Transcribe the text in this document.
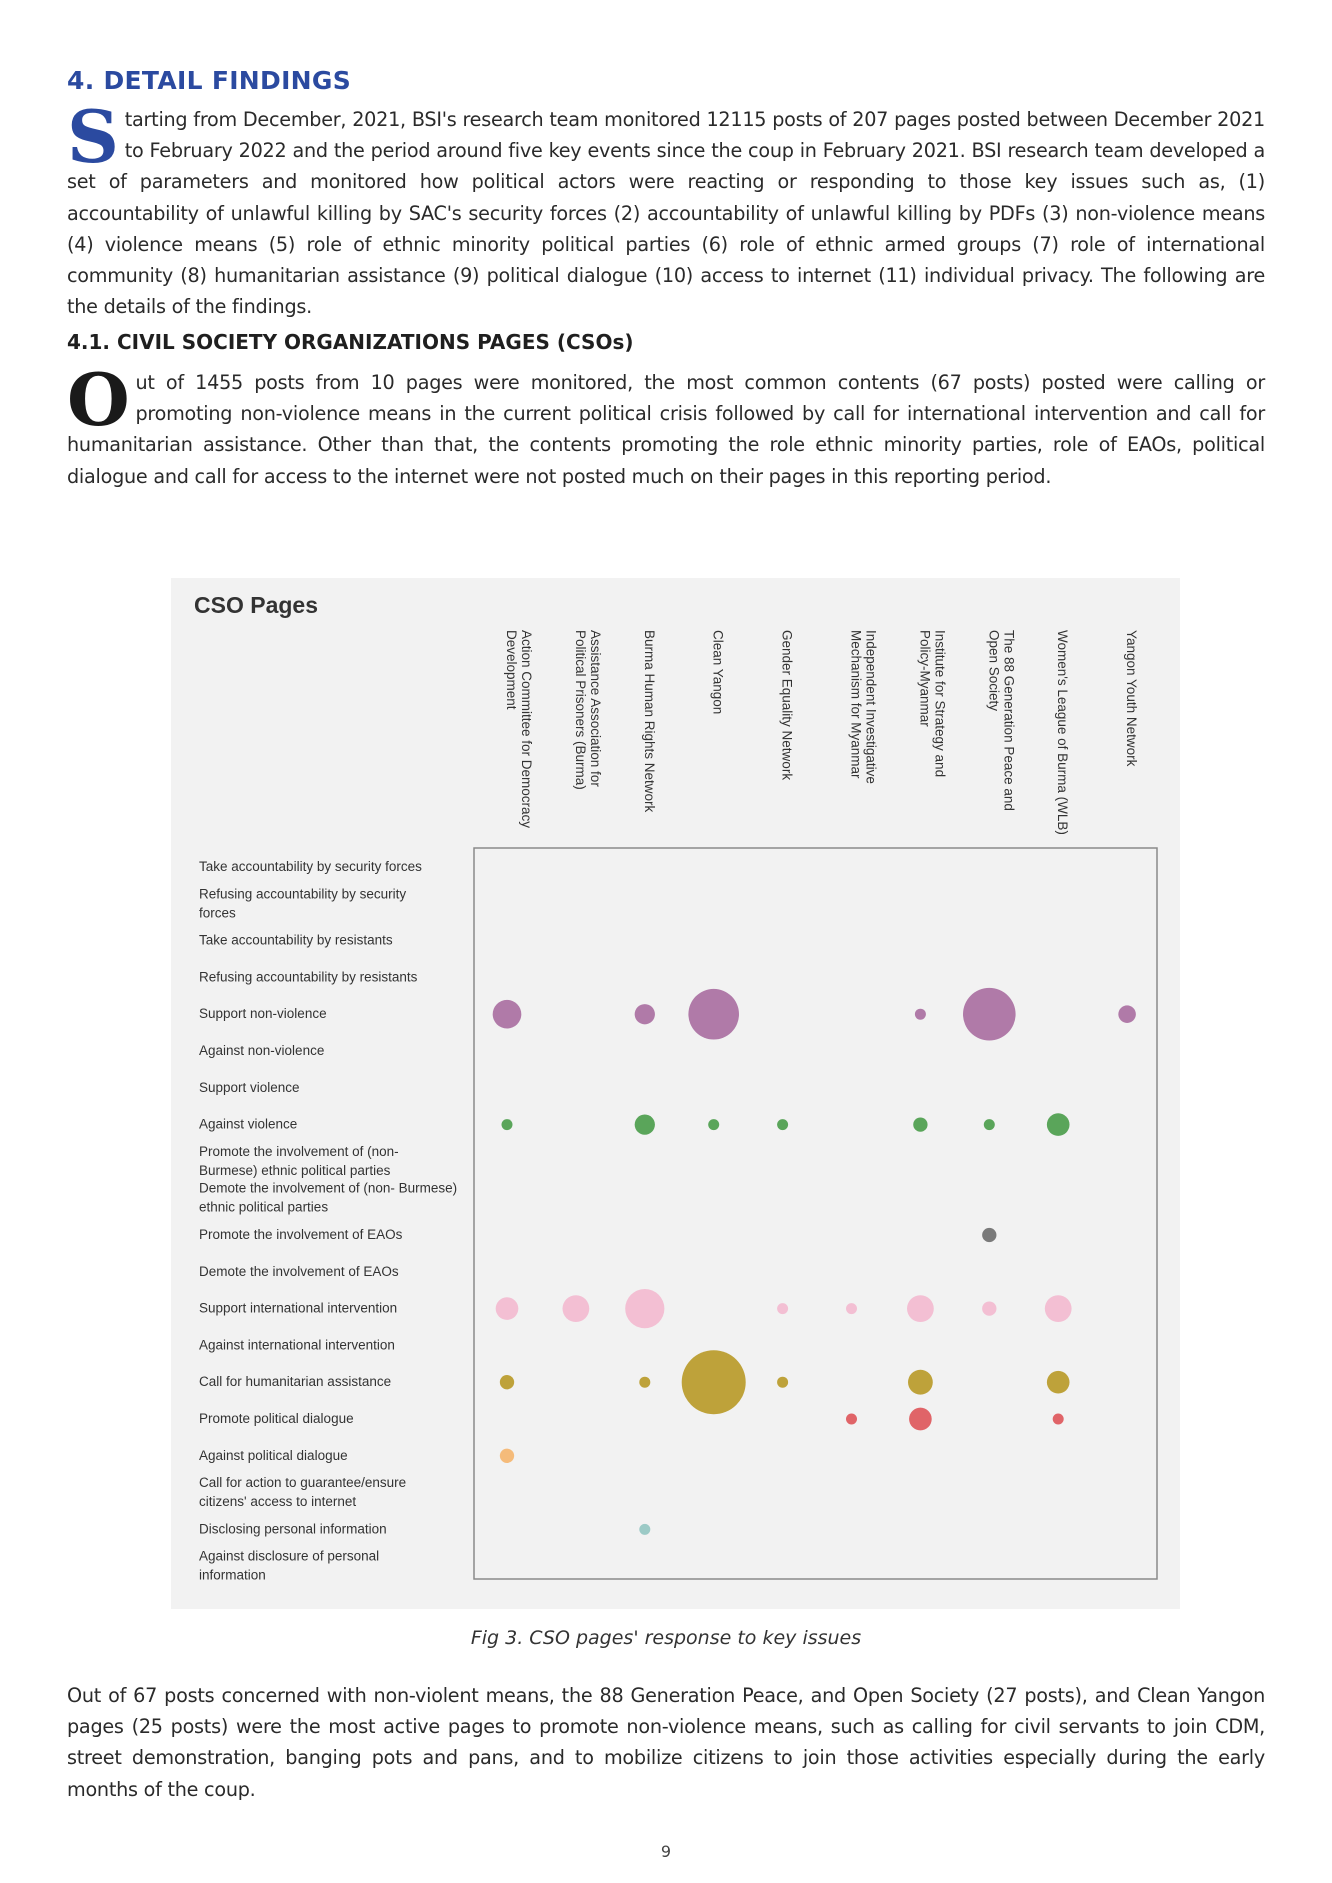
4. DETAIL FINDINGS
S tarting from December, 2021, BSI's research team monitored 12115 posts of 207 pages posted between December 2021 to February 2022 and the period around five key events since the coup in February 2021. BSI research team developed a set of parameters and monitored how political actors were reacting or responding to those key issues such as, (1) accountability of unlawful killing by SAC's security forces (2) accountability of unlawful killing by PDFs (3) non-violence means (4) violence means (5) role of ethnic minority political parties (6) role of ethnic armed groups (7) role of international community (8) humanitarian assistance (9) political dialogue (10) access to internet (11) individual privacy. The following are the details of the findings.
4.1. CIVIL SOCIETY ORGANIZATIONS PAGES (CSOs)
O ut of 1455 posts from 10 pages were monitored, the most common contents (67 posts) posted were calling or promoting non-violence means in the current political crisis followed by call for international intervention and call for humanitarian assistance. Other than that, the contents promoting the role ethnic minority parties, role of EAOs, political dialogue and call for access to the internet were not posted much on their pages in this reporting period.
CSO Pages
Action Committee for DemocracyDevelopment	Assistance Association forPolitical Prisoners (Burma)	Burma Human Rights Network	Clean Yangon	Gender Equality Network	Independent InvestigativeMechanism for Myanmar	Institute for Strategy andPolicy-Myanmar	The 88 Generation Peace andOpen Society	Women's League of Burma (WLB)	Yangon Youth Network
Take accountability by security forces
Refusing accountability by security forces
Take accountability by resistants
Refusing accountability by resistants
Support non-violence
Against non-violence
Support violence
Against violence
Promote the involvement of (non-Burmese) ethnic political parties
Demote the involvement of (non- Burmese) ethnic political parties
Promote the involvement of EAOs
Demote the involvement of EAOs
Support international intervention
Against international intervention
Call for humanitarian assistance
Promote political dialogue
Against political dialogue
Call for action to guarantee/ensure citizens' access to internet
Disclosing personal information
Against disclosure of personal information
Fig 3. CSO pages' response to key issues
Out of 67 posts concerned with non-violent means, the 88 Generation Peace, and Open Society (27 posts), and Clean Yangon pages (25 posts) were the most active pages to promote non-violence means, such as calling for civil servants to join CDM, street demonstration, banging pots and pans, and to mobilize citizens to join those activities especially during the early months of the coup.
9
